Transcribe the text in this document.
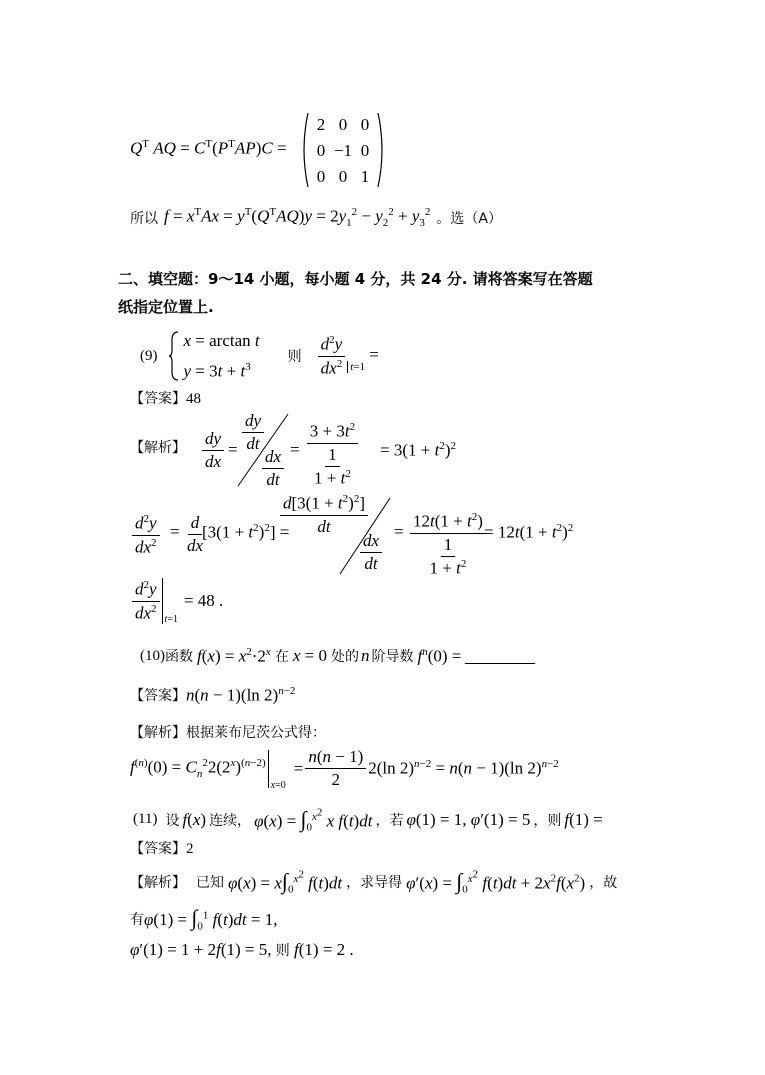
$Q^T$ AQ = $C^T(P^TAP)C$ =
2 0 0
0 −1 0
0 0 1
所以 $f = x^TAx = y^T(Q^TAQ)y = 2y_1^2 - y_2^2 + y_3^2$ 。选（A）
二、填空题：9～14 小题，每小题 4 分，共 24 分. 请将答案写在答题
纸指定位置上.
(9)
x = arctan t
$y = 3t + t^3$
则 $\frac{d^2y}{dx^2} _{t=1}$ =
【答案】48
【解析】 $\frac{dy}{dx} = \frac{dy}{dt}$
$\frac{dx}{dt} = \frac{3 + 3t^2}{\frac{1}{1 + t^2}} = 3(1 + t^2)^2$
$\frac{d^2y}{dx^2} = \frac{d}{dx}$
$[3(1 + t^2)^2]$ =
$\frac{d[3(1 + t^2)^2]}{dt}$
$\frac{dx}{dt} = \frac{12t(1 + t^2)}{\frac{1}{1 + t^2}}$
= $12t(1 + t^2)^2$
$\frac{d^2y}{dx^2} t=1$
= 48 .
(10) 函数 $f(x) = x^2\cdot 2^x$ 在 x = 0 处的 n 阶导数 $f^n(0)$ =
【答案】 n(n − 1)(ln 2)$^{n-2}$
【解析】根据莱布尼茨公式得：
$f^{(n)}(0) = C_n^22(2^x)^{(n-2)}$
x=0
= $\frac{n(n - 1)}{2} 2(\ln$ 2)$^{n-2}$ = n(n − 1)(ln 2)$^{n-2}$
(11) 设 f(x) 连续， $\varphi(x) = \int_0^{x^2}$ x f(t)dt ，若 φ(1) = 1, φ′(1) = 5 ，则 f(1) =
【答案】2
【解析】 已知 $\varphi(x) = x\int_0^{x^2}$ f(t)dt ，求导得 $\varphi'(x) = \int_0^{x^2}$ $f(t)dt + 2x^2f(x^2)$ ，故
有 $\varphi(1) = \int_0^1$ f(t)dt = 1,
φ′(1) = 1 + 2f(1) = 5, 则 f(1) = 2 .
